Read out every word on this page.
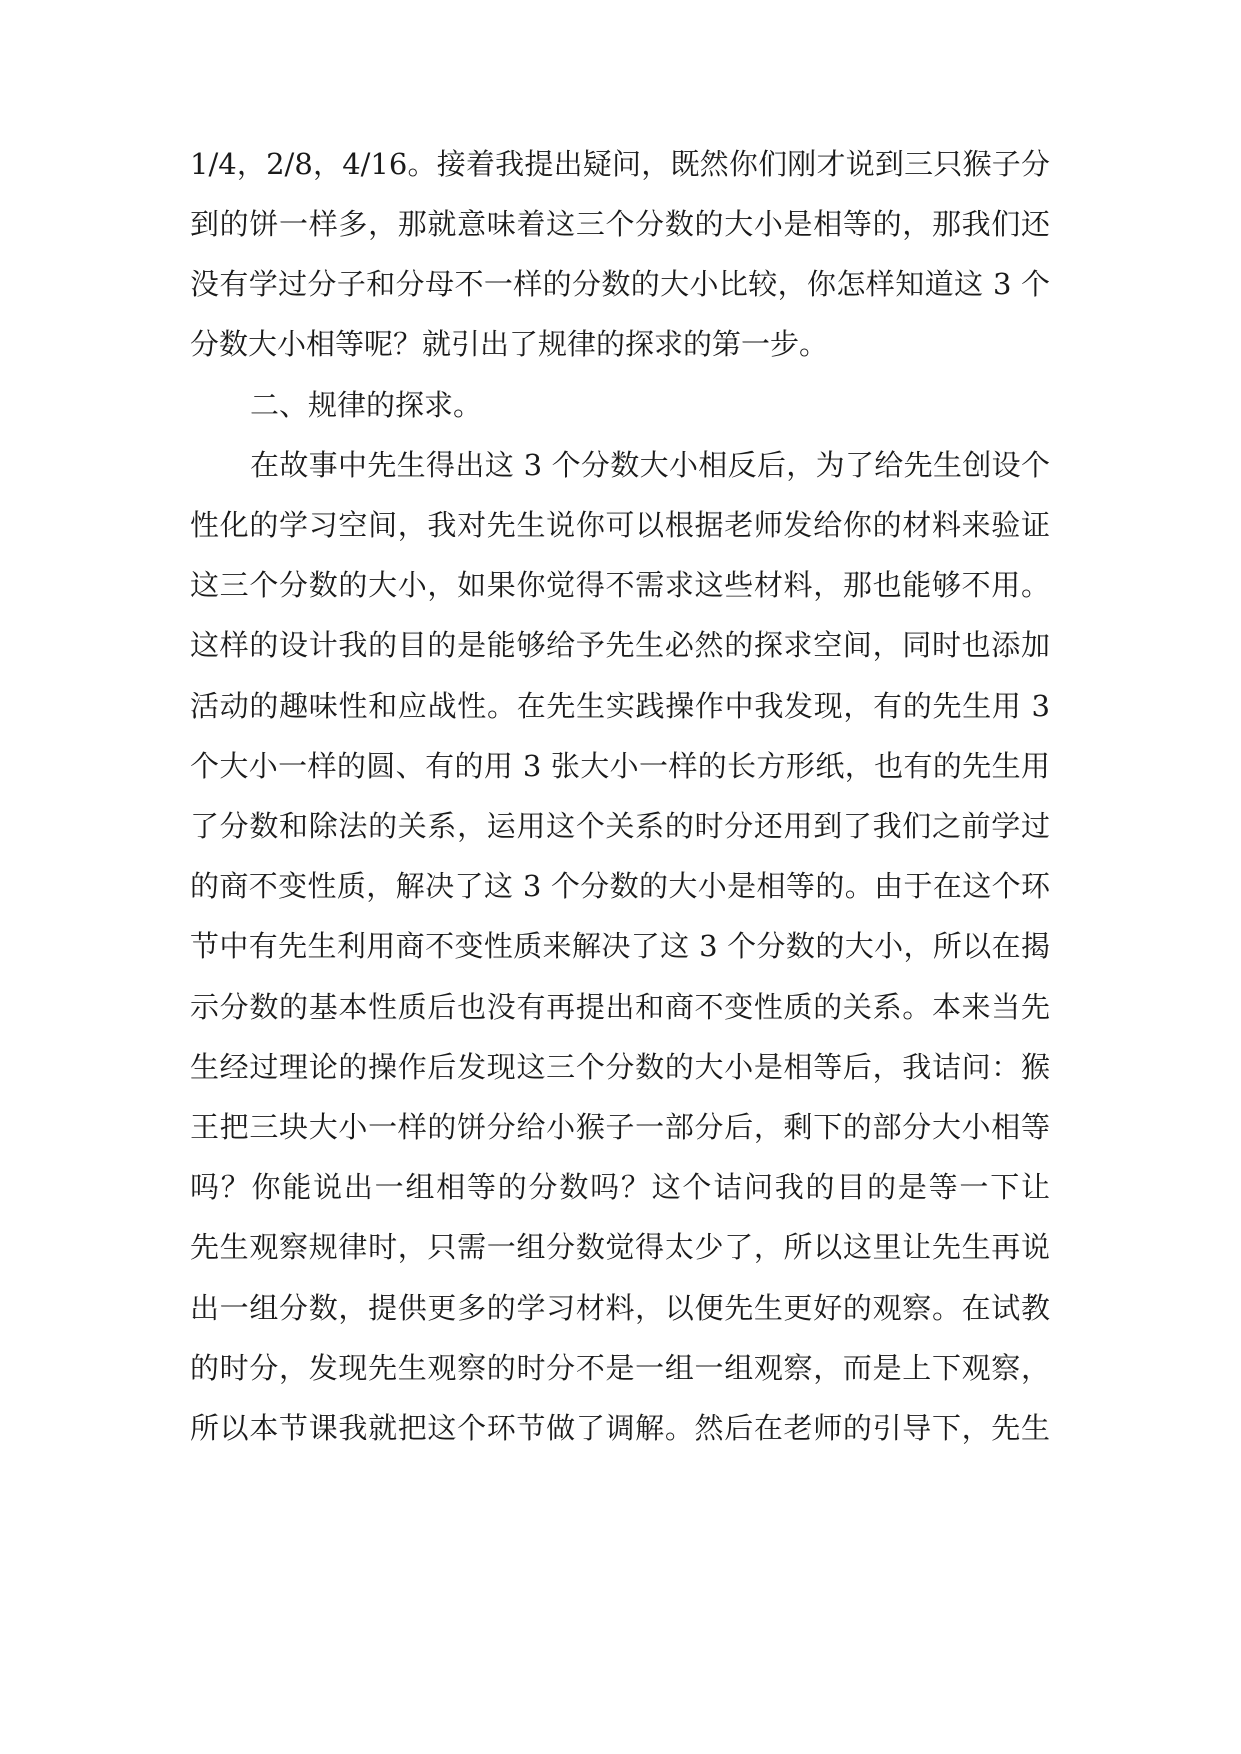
1/4，2/8，4/16。接着我提出疑问，既然你们刚才说到三只猴子分
到的饼一样多，那就意味着这三个分数的大小是相等的，那我们还
没有学过分子和分母不一样的分数的大小比较，你怎样知道这 3 个
分数大小相等呢？就引出了规律的探求的第一步。
二、规律的探求。
在故事中先生得出这 3 个分数大小相反后，为了给先生创设个
性化的学习空间，我对先生说你可以根据老师发给你的材料来验证
这三个分数的大小，如果你觉得不需求这些材料，那也能够不用。
这样的设计我的目的是能够给予先生必然的探求空间，同时也添加
活动的趣味性和应战性。在先生实践操作中我发现，有的先生用 3
个大小一样的圆、有的用 3 张大小一样的长方形纸，也有的先生用
了分数和除法的关系，运用这个关系的时分还用到了我们之前学过
的商不变性质，解决了这 3 个分数的大小是相等的。由于在这个环
节中有先生利用商不变性质来解决了这 3 个分数的大小，所以在揭
示分数的基本性质后也没有再提出和商不变性质的关系。本来当先
生经过理论的操作后发现这三个分数的大小是相等后，我诘问：猴
王把三块大小一样的饼分给小猴子一部分后，剩下的部分大小相等
吗？你能说出一组相等的分数吗？这个诘问我的目的是等一下让
先生观察规律时，只需一组分数觉得太少了，所以这里让先生再说
出一组分数，提供更多的学习材料，以便先生更好的观察。在试教
的时分，发现先生观察的时分不是一组一组观察，而是上下观察，
所以本节课我就把这个环节做了调解。然后在老师的引导下，先生
